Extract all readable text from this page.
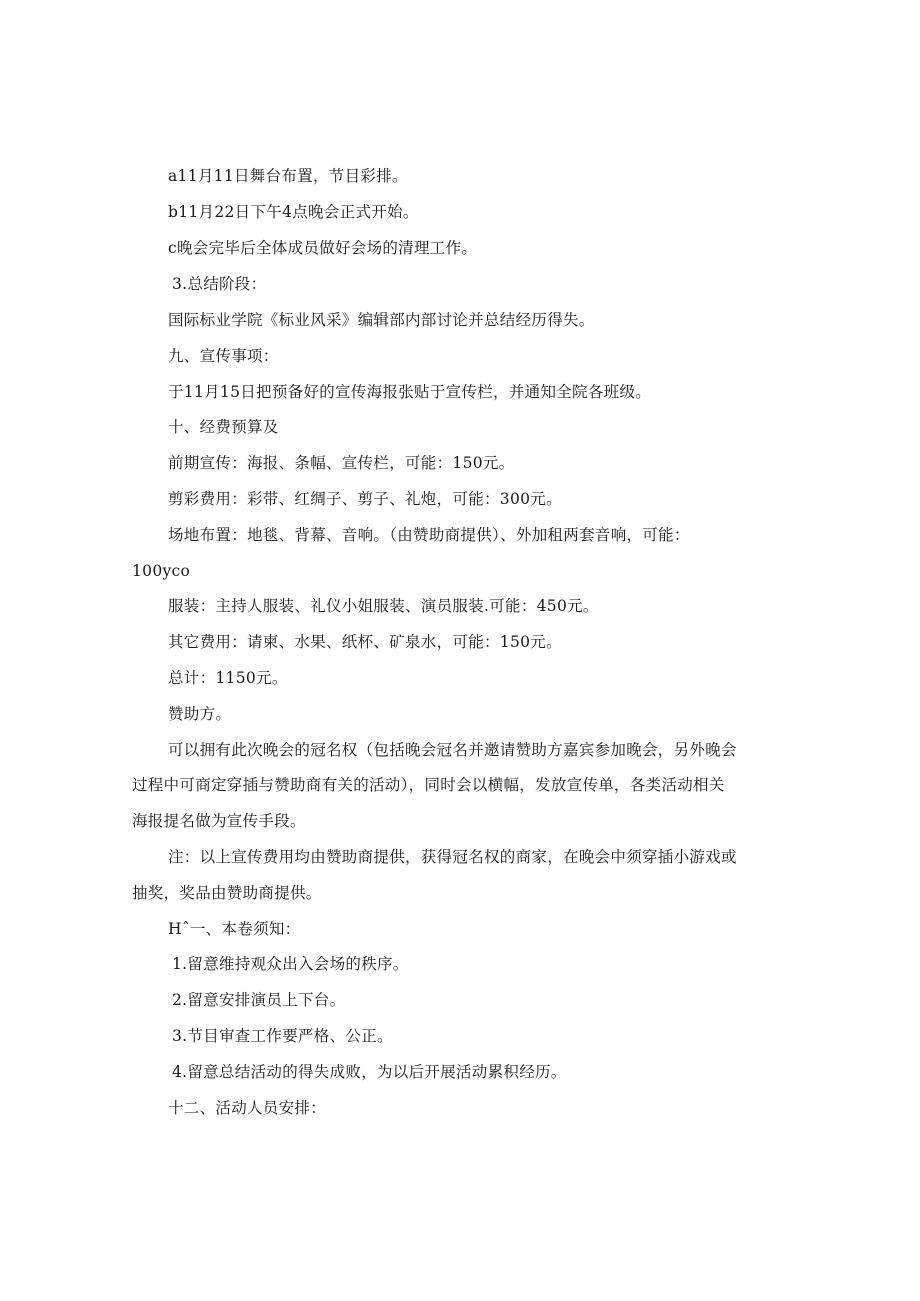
a11月11日舞台布置，节目彩排。
b11月22日下午4点晚会正式开始。
c晚会完毕后全体成员做好会场的清理工作。
3.总结阶段：
国际标业学院《标业风采》编辑部内部讨论并总结经历得失。
九、宣传事项：
于11月15日把预备好的宣传海报张贴于宣传栏，并通知全院各班级。
十、经费预算及
前期宣传：海报、条幅、宣传栏，可能：150元。
剪彩费用：彩带、红绸子、剪子、礼炮，可能：300元。
场地布置：地毯、背幕、音响。（由赞助商提供）、外加租两套音响，可能：
100yco
服装：主持人服装、礼仪小姐服装、演员服装.可能：450元。
其它费用：请柬、水果、纸杯、矿泉水，可能：150元。
总计：1150元。
赞助方。
可以拥有此次晚会的冠名权（包括晚会冠名并邀请赞助方嘉宾参加晚会，另外晚会
过程中可商定穿插与赞助商有关的活动），同时会以横幅，发放宣传单，各类活动相关
海报提名做为宣传手段。
注：以上宣传费用均由赞助商提供，获得冠名权的商家，在晚会中须穿插小游戏或
抽奖，奖品由赞助商提供。
Hˆ一、本卷须知：
1.留意维持观众出入会场的秩序。
2.留意安排演员上下台。
3.节目审查工作要严格、公正。
4.留意总结活动的得失成败，为以后开展活动累积经历。
十二、活动人员安排：
